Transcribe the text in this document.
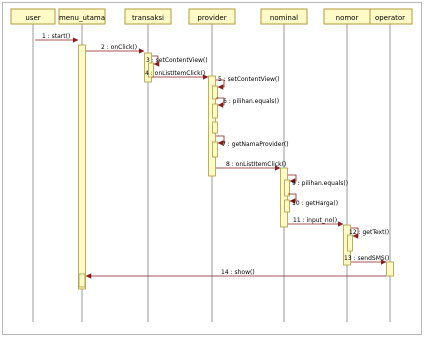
user	menu_utama	transaksi	provider	nominal	nomor operator
1 : start()
2 : onClick()
3 : setContentView()
4 : onListItemClick()
5 : setContentView()
6 : pilihan.equals()
7 : getNamaProvider()
8 : onListItemClick()
9 : pilihan.equals()
10 : getHarga()
11 : input_no()
12 : getText()
13 : sendSMS()
14 : show()
